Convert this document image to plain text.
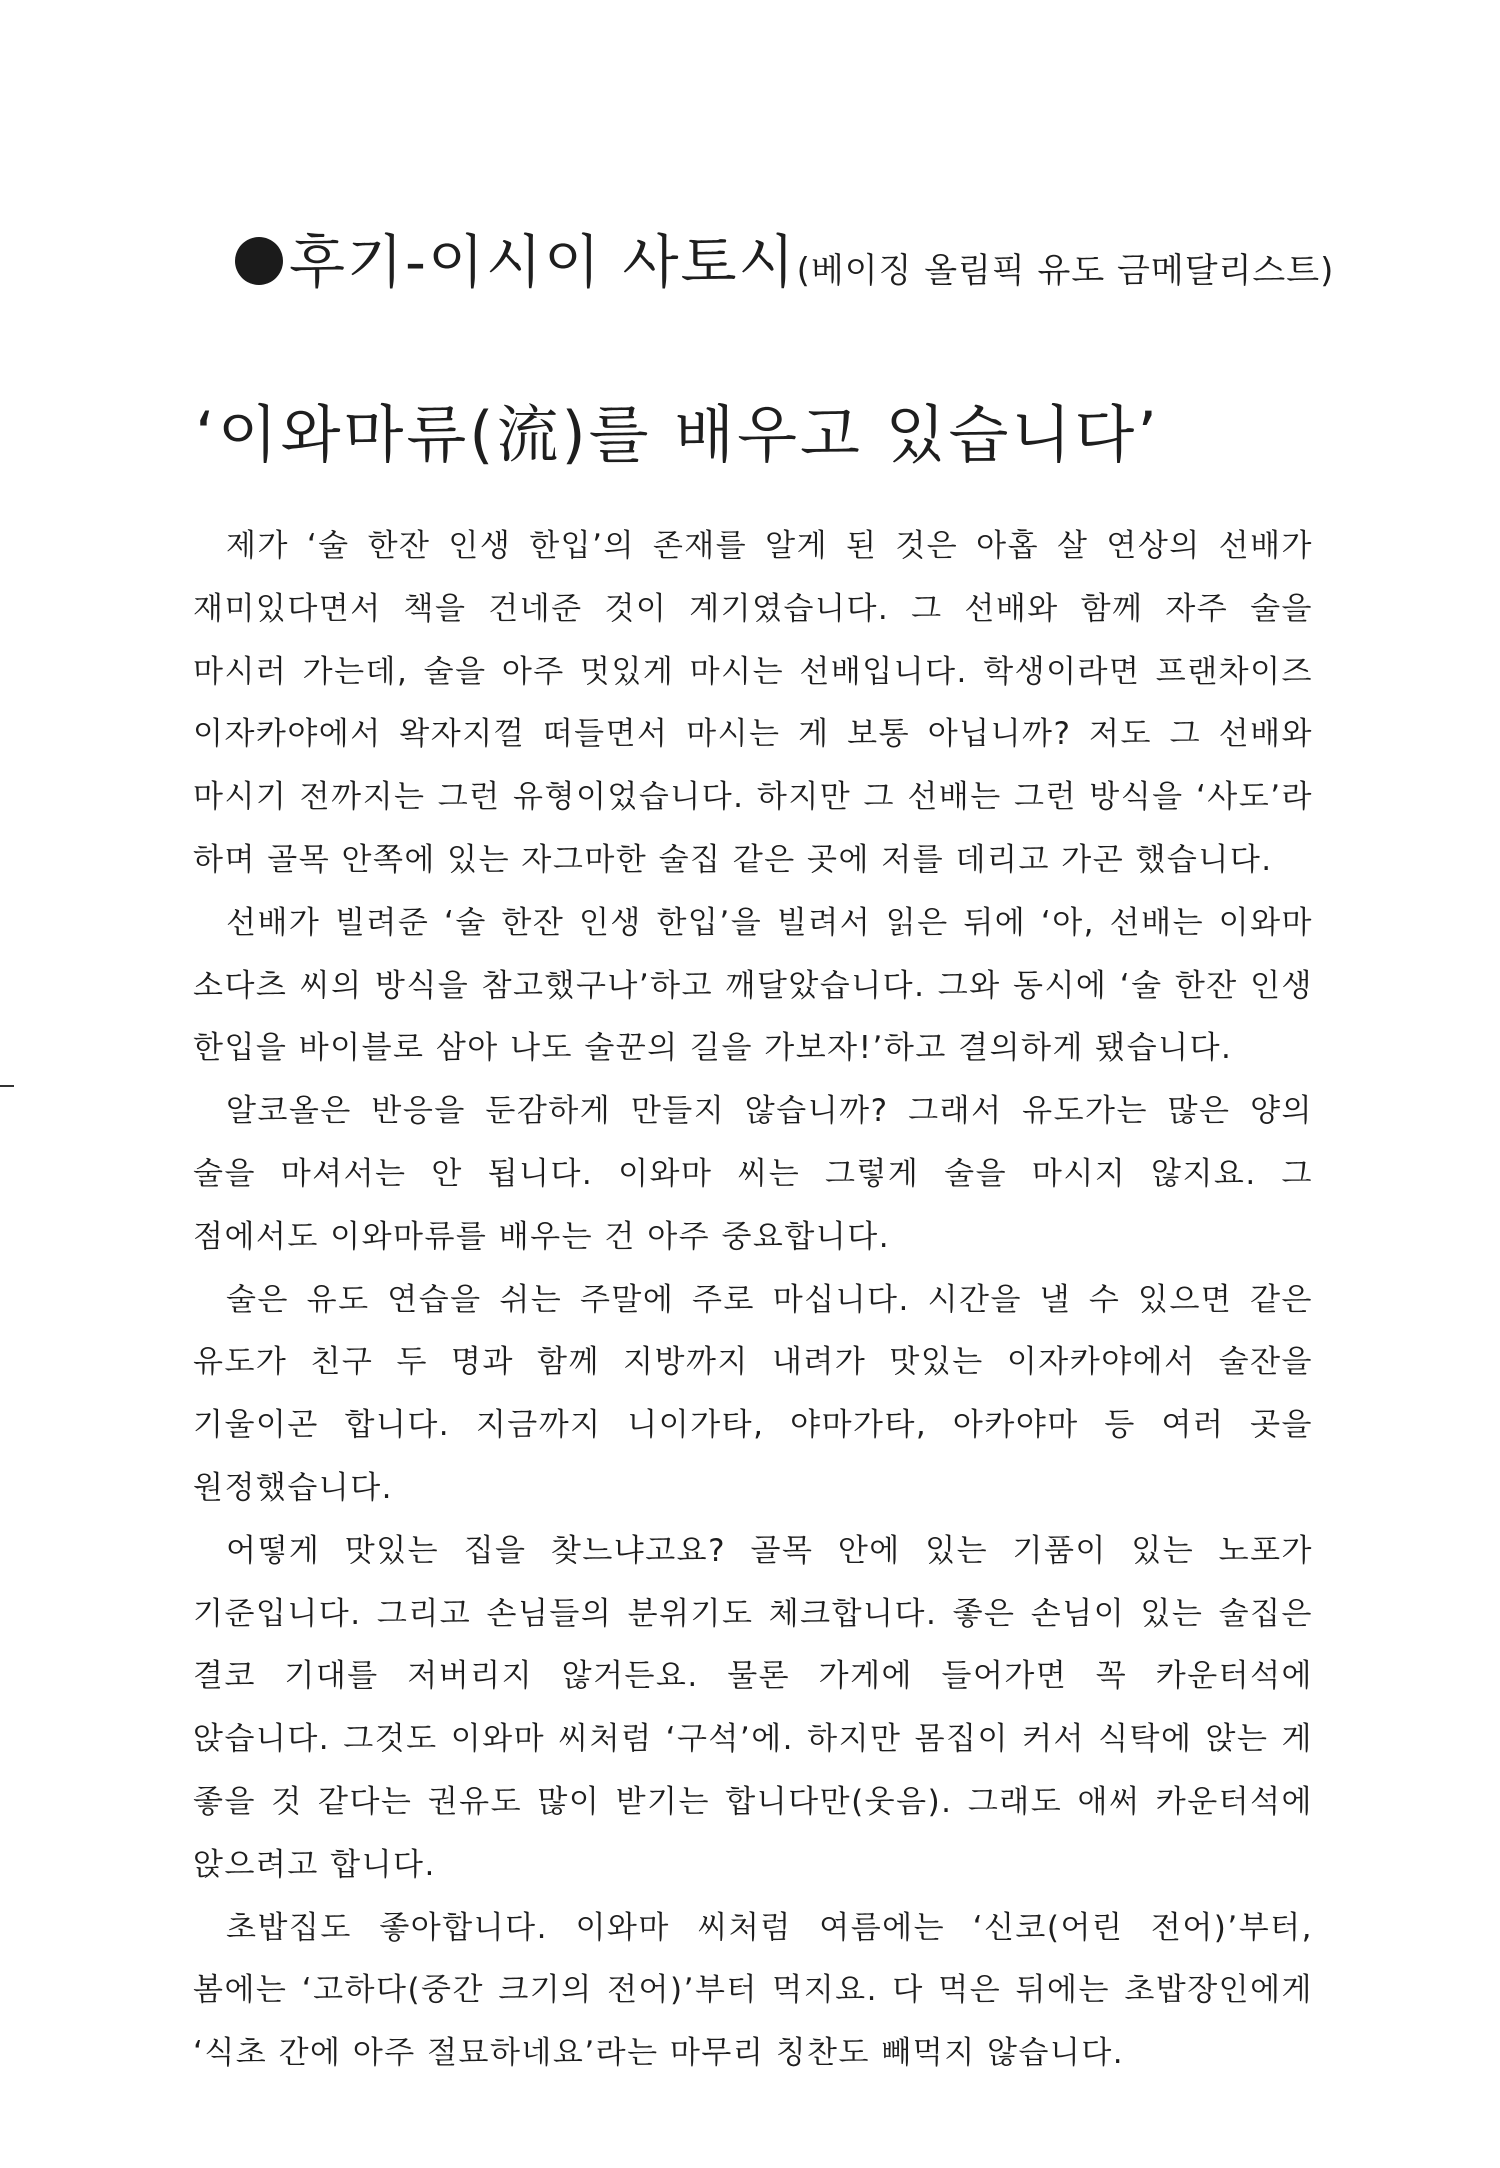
후기-이시이 사토시(베이징 올림픽 유도 금메달리스트)
‘이와마류(流)를 배우고 있습니다’

제가 ‘술 한잔 인생 한입’의 존재를 알게 된 것은 아홉 살 연상의 선배가 재미있다면서 책을 건네준 것이 계기였습니다. 그 선배와 함께 자주 술을 마시러 가는데, 술을 아주 멋있게 마시는 선배입니다. 학생이라면 프랜차이즈 이자카야에서 왁자지껄 떠들면서 마시는 게 보통 아닙니까? 저도 그 선배와 마시기 전까지는 그런 유형이었습니다. 하지만 그 선배는 그런 방식을 ‘사도’라 하며 골목 안쪽에 있는 자그마한 술집 같은 곳에 저를 데리고 가곤 했습니다.

선배가 빌려준 ‘술 한잔 인생 한입’을 빌려서 읽은 뒤에 ‘아, 선배는 이와마 소다츠 씨의 방식을 참고했구나’하고 깨달았습니다. 그와 동시에 ‘술 한잔 인생 한입을 바이블로 삼아 나도 술꾼의 길을 가보자!’하고 결의하게 됐습니다.

알코올은 반응을 둔감하게 만들지 않습니까? 그래서 유도가는 많은 양의 술을 마셔서는 안 됩니다. 이와마 씨는 그렇게 술을 마시지 않지요. 그 점에서도 이와마류를 배우는 건 아주 중요합니다.

술은 유도 연습을 쉬는 주말에 주로 마십니다. 시간을 낼 수 있으면 같은 유도가 친구 두 명과 함께 지방까지 내려가 맛있는 이자카야에서 술잔을 기울이곤 합니다. 지금까지 니이가타, 야마가타, 아카야마 등 여러 곳을 원정했습니다.

어떻게 맛있는 집을 찾느냐고요? 골목 안에 있는 기품이 있는 노포가 기준입니다. 그리고 손님들의 분위기도 체크합니다. 좋은 손님이 있는 술집은 결코 기대를 저버리지 않거든요. 물론 가게에 들어가면 꼭 카운터석에 앉습니다. 그것도 이와마 씨처럼 ‘구석’에. 하지만 몸집이 커서 식탁에 앉는 게 좋을 것 같다는 권유도 많이 받기는 합니다만(웃음). 그래도 애써 카운터석에 앉으려고 합니다.

초밥집도 좋아합니다. 이와마 씨처럼 여름에는 ‘신코(어린 전어)’부터, 봄에는 ‘고하다(중간 크기의 전어)’부터 먹지요. 다 먹은 뒤에는 초밥장인에게 ‘식초 간에 아주 절묘하네요’라는 마무리 칭찬도 빼먹지 않습니다.
